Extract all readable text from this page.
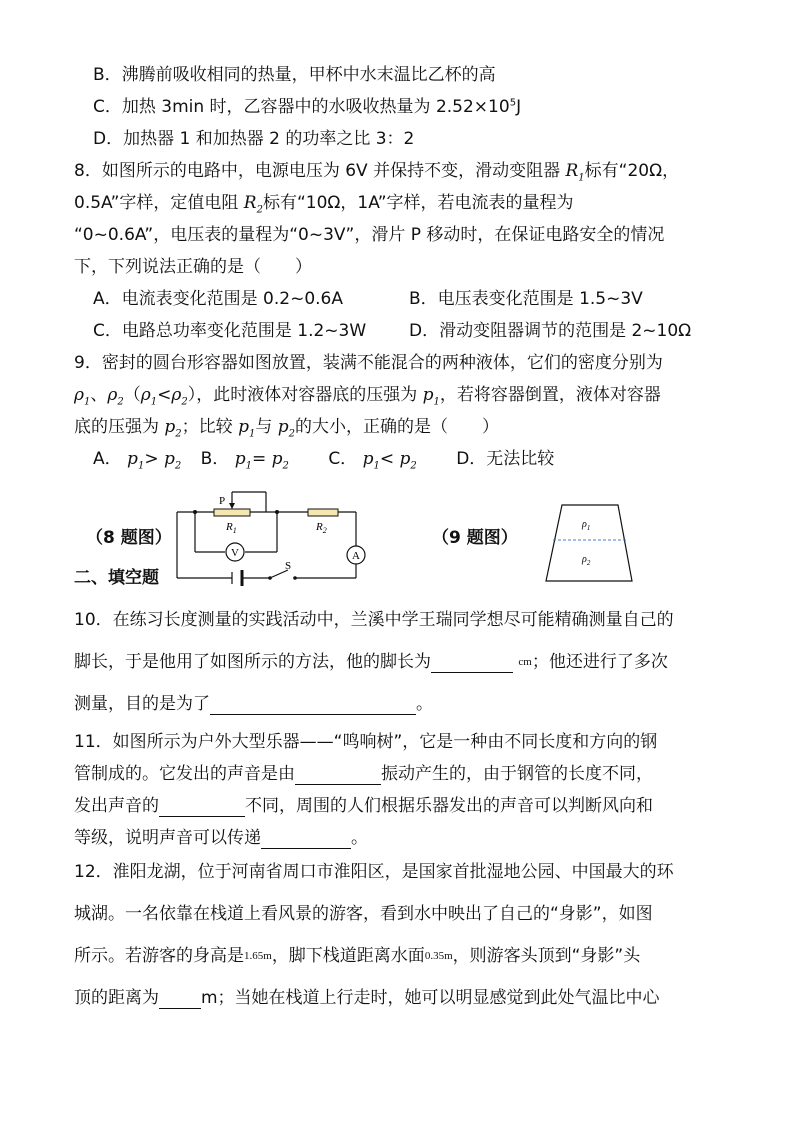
B．沸腾前吸收相同的热量，甲杯中水末温比乙杯的高
C．加热 3min 时，乙容器中的水吸收热量为 $2.52\times 10^5J$
D．加热器 1 和加热器 2 的功率之比 3：2
8．如图所示的电路中，电源电压为 6V 并保持不变，滑动变阻器 $R_1$标有“20Ω，
0.5A”字样，定值电阻 $R_2$标有“10Ω，1A”字样，若电流表的量程为
“0~0.6A”，电压表的量程为“0~3V”，滑片 P 移动时，在保证电路安全的情况
下，下列说法正确的是（　　）
A．电流表变化范围是 0.2~0.6A	B．电压表变化范围是 1.5~3V
C．电路总功率变化范围是 1.2~3W	D．滑动变阻器调节的范围是 2~10Ω
9．密封的圆台形容器如图放置，装满不能混合的两种液体，它们的密度分别为
$\rho_1$、$\rho_2(\rho_1<\rho_2)$，此时液体对容器底的压强为 $p_1$，若将容器倒置，液体对容器
底的压强为 $p_2$；比较 $p_1$与 $p_2$的大小，正确的是（　　）
A． $p_1> p_2$ B． $p_1= p_2$ C． $p_1< p_2$ D．无法比较
（8 题图）	（9 题图）
P
$R_1$	$R_2$
V	A
S
$\rho_1$
$\rho_2$
二、填空题
10．在练习长度测量的实践活动中，兰溪中学王瑞同学想尽可能精确测量自己的
脚长，于是他用了如图所示的方法，他的脚长为	$^{cm}$；他还进行了多次
测量，目的是为了	。
11．如图所示为户外大型乐器——“鸣响树”，它是一种由不同长度和方向的钢
管制成的。它发出的声音是由	振动产生的，由于钢管的长度不同，
发出声音的	不同，周围的人们根据乐器发出的声音可以判断风向和
等级，说明声音可以传递	。
12．淮阳龙湖，位于河南省周口市淮阳区，是国家首批湿地公园、中国最大的环
城湖。一名依靠在栈道上看风景的游客，看到水中映出了自己的“身影”，如图
所示。若游客的身高是$^{1.65m}$，脚下栈道距离水面$^{0.35m}$，则游客头顶到“身影”头
顶的距离为 m；当她在栈道上行走时，她可以明显感觉到此处气温比中心
